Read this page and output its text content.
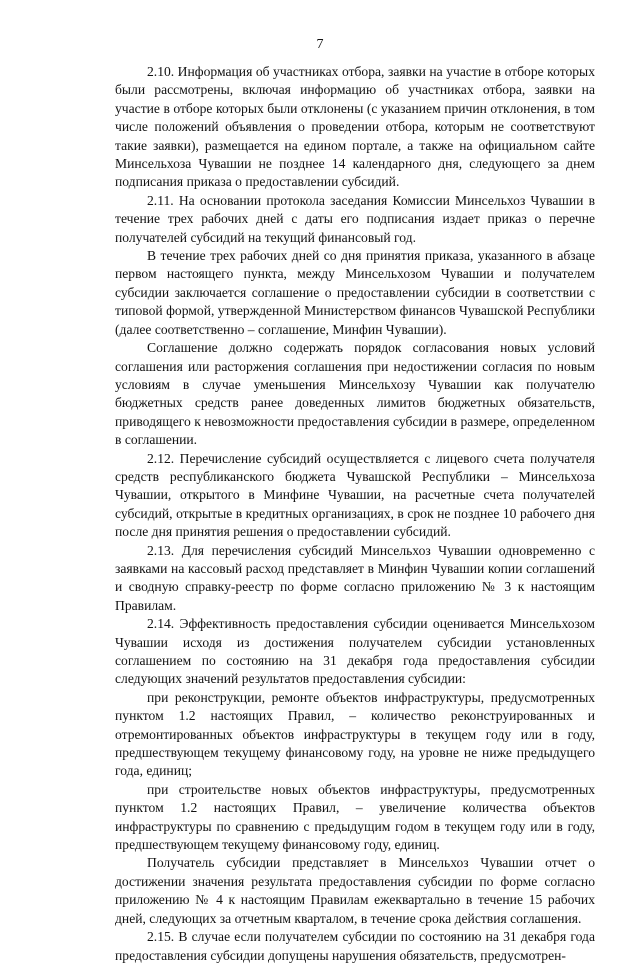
7

2.10. Информация об участниках отбора, заявки на участие в отборе которых были рассмотрены, включая информацию об участниках отбора, заявки на участие в отборе которых были отклонены (с указанием причин отклонения, в том числе положений объявления о проведении отбора, которым не соответствуют такие заявки), размещается на едином портале, а также на официальном сайте Минсельхоза Чувашии не позднее 14 календарного дня, следующего за днем подписания приказа о предоставлении субсидий.

2.11. На основании протокола заседания Комиссии Минсельхоз Чувашии в течение трех рабочих дней с даты его подписания издает приказ о перечне получателей субсидий на текущий финансовый год.

В течение трех рабочих дней со дня принятия приказа, указанного в абзаце первом настоящего пункта, между Минсельхозом Чувашии и получателем субсидии заключается соглашение о предоставлении субсидии в соответствии с типовой формой, утвержденной Министерством финансов Чувашской Республики (далее соответственно – соглашение, Минфин Чувашии).

Соглашение должно содержать порядок согласования новых условий соглашения или расторжения соглашения при недостижении согласия по новым условиям в случае уменьшения Минсельхозу Чувашии как получателю бюджетных средств ранее доведенных лимитов бюджетных обязательств, приводящего к невозможности предоставления субсидии в размере, определенном в соглашении.

2.12. Перечисление субсидий осуществляется с лицевого счета получателя средств республиканского бюджета Чувашской Республики – Минсельхоза Чувашии, открытого в Минфине Чувашии, на расчетные счета получателей субсидий, открытые в кредитных организациях, в срок не позднее 10 рабочего дня после дня принятия решения о предоставлении субсидий.

2.13. Для перечисления субсидий Минсельхоз Чувашии одновременно с заявками на кассовый расход представляет в Минфин Чувашии копии соглашений и сводную справку-реестр по форме согласно приложению № 3 к настоящим Правилам.

2.14. Эффективность предоставления субсидии оценивается Минсельхозом Чувашии исходя из достижения получателем субсидии установленных соглашением по состоянию на 31 декабря года предоставления субсидии следующих значений результатов предоставления субсидии:

при реконструкции, ремонте объектов инфраструктуры, предусмотренных пунктом 1.2 настоящих Правил, – количество реконструированных и отремонтированных объектов инфраструктуры в текущем году или в году, предшествующем текущему финансовому году, на уровне не ниже предыдущего года, единиц;

при строительстве новых объектов инфраструктуры, предусмотренных пунктом 1.2 настоящих Правил, – увеличение количества объектов инфраструктуры по сравнению с предыдущим годом в текущем году или в году, предшествующем текущему финансовому году, единиц.

Получатель субсидии представляет в Минсельхоз Чувашии отчет о достижении значения результата предоставления субсидии по форме согласно приложению № 4 к настоящим Правилам ежеквартально в течение 15 рабочих дней, следующих за отчетным кварталом, в течение срока действия соглашения.

2.15. В случае если получателем субсидии по состоянию на 31 декабря года предоставления субсидии допущены нарушения обязательств, предусмотрен-
